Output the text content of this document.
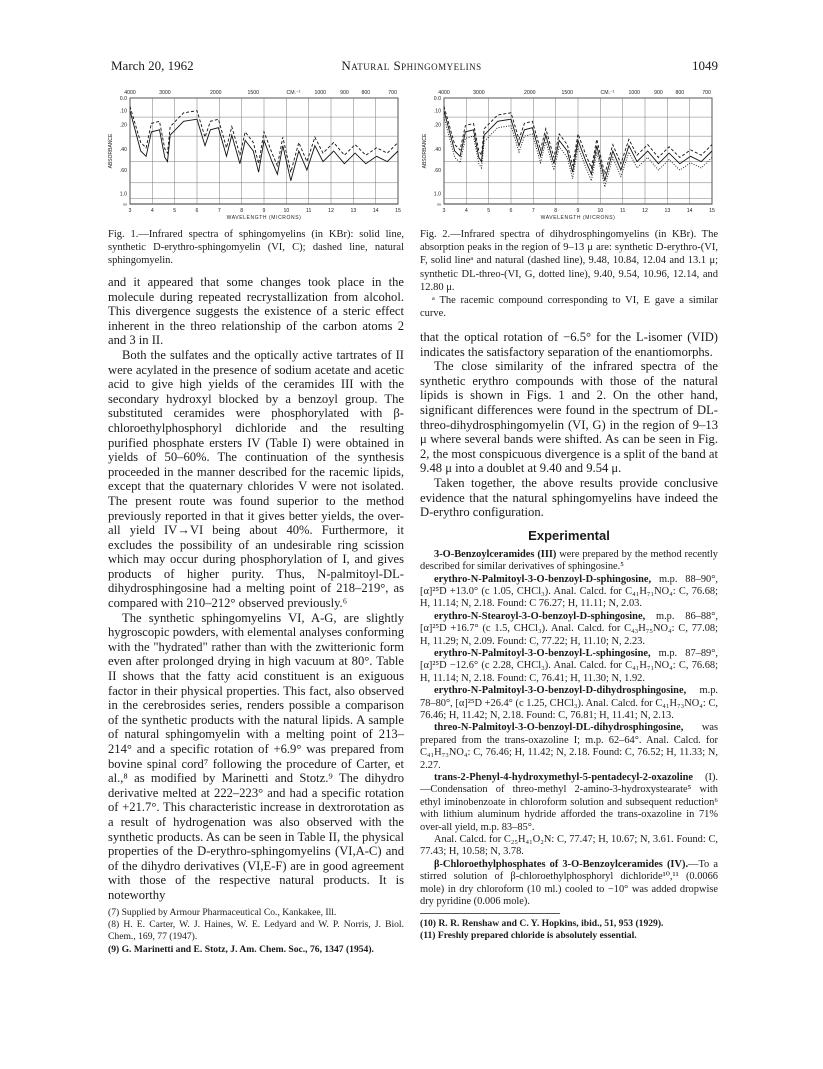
March 20, 1962	Natural Sphingomyelins	1049
4000	3000	2000	1500	CM.⁻¹	1000	900 800	700
0.0
.10
.20
.40
.60
1.0
∞
ABSORBANCE
3	4	5	6	7	8	9	10	11	12	13	14	15
WAVELENGTH (MICRONS)
Fig. 1.—Infrared spectra of sphingomyelins (in KBr): solid line, synthetic D-erythro-sphingomyelin (VI, C); dashed line, natural sphingomyelin.
4000	3000	2000	1500	CM.⁻¹	1000	900 800	700
0.0
.10
.20
.40
.60
1.0
∞
ABSORBANCE
3	4	5	6	7	8	9	10	11	12	13	14	15
WAVELENGTH (MICRONS)
Fig. 2.—Infrared spectra of dihydrosphingomyelins (in KBr). The absorption peaks in the region of 9–13 μ are: synthetic D-erythro-(VI, F, solid lineᵃ and natural (dashed line), 9.48, 10.84, 12.04 and 13.1 μ; synthetic DL-threo-(VI, G, dotted line), 9.40, 9.54, 10.96, 12.14, and 12.80 μ.
ᵃ The racemic compound corresponding to VI, E gave a similar curve.

and it appeared that some changes took place in the molecule during repeated recrystallization from alcohol. This divergence suggests the existence of a steric effect inherent in the threo relationship of the carbon atoms 2 and 3 in II.

Both the sulfates and the optically active tartrates of II were acylated in the presence of sodium acetate and acetic acid to give high yields of the ceramides III with the secondary hydroxyl blocked by a benzoyl group. The substituted ceramides were phosphorylated with β-chloroethylphosphoryl dichloride and the resulting purified phosphate ersters IV (Table I) were obtained in yields of 50–60%. The continuation of the synthesis proceeded in the manner described for the racemic lipids, except that the quaternary chlorides V were not isolated. The present route was found superior to the method previously reported in that it gives better yields, the over-all yield IV→VI being about 40%. Furthermore, it excludes the possibility of an undesirable ring scission which may occur during phosphorylation of I, and gives products of higher purity. Thus, N-palmitoyl-DL-dihydrosphingosine had a melting point of 218–219°, as compared with 210–212° observed previously.⁶

The synthetic sphingomyelins VI, A-G, are slightly hygroscopic powders, with elemental analyses conforming with the "hydrated" rather than with the zwitterionic form even after prolonged drying in high vacuum at 80°. Table II shows that the fatty acid constituent is an exiguous factor in their physical properties. This fact, also observed in the cerebrosides series, renders possible a comparison of the synthetic products with the natural lipids. A sample of natural sphingomyelin with a melting point of 213–214° and a specific rotation of +6.9° was prepared from bovine spinal cord⁷ following the procedure of Carter, et al.,⁸ as modified by Marinetti and Stotz.⁹ The dihydro derivative melted at 222–223° and had a specific rotation of +21.7°. This characteristic increase in dextrorotation as a result of hydrogenation was also observed with the synthetic products. As can be seen in Table II, the physical properties of the D-erythro-sphingomyelins (VI,A-C) and of the dihydro derivatives (VI,E-F) are in good agreement with those of the respective natural products. It is noteworthy

(7) Supplied by Armour Pharmaceutical Co., Kankakee, Ill.
(8) H. E. Carter, W. J. Haines, W. E. Ledyard and W. P. Norris, J. Biol. Chem., 169, 77 (1947).
(9) G. Marinetti and E. Stotz, J. Am. Chem. Soc., 76, 1347 (1954).

that the optical rotation of −6.5° for the L-isomer (VID) indicates the satisfactory separation of the enantiomorphs.

The close similarity of the infrared spectra of the synthetic erythro compounds with those of the natural lipids is shown in Figs. 1 and 2. On the other hand, significant differences were found in the spectrum of DL-threo-dihydrosphingomyelin (VI, G) in the region of 9–13 μ where several bands were shifted. As can be seen in Fig. 2, the most conspicuous divergence is a split of the band at 9.48 μ into a doublet at 9.40 and 9.54 μ.

Taken together, the above results provide conclusive evidence that the natural sphingomyelins have indeed the D-erythro configuration.

Experimental

3-O-Benzoylceramides (III) were prepared by the method recently described for similar derivatives of sphingosine.⁵

erythro-N-Palmitoyl-3-O-benzoyl-D-sphingosine, m.p. 88–90°, [α]²⁵D +13.0° (c 1.05, CHCl₃). Anal. Calcd. for C₄₁H₇₁NO₄: C, 76.68; H, 11.14; N, 2.18. Found: C 76.27; H, 11.11; N, 2.03.

erythro-N-Stearoyl-3-O-benzoyl-D-sphingosine, m.p. 86–88°, [α]²⁵D +16.7° (c 1.5, CHCl₃). Anal. Calcd. for C₄₃H₇₅NO₄: C, 77.08; H, 11.29; N, 2.09. Found: C, 77.22; H, 11.10; N, 2.23.

erythro-N-Palmitoyl-3-O-benzoyl-L-sphingosine, m.p. 87–89°, [α]²⁵D −12.6° (c 2.28, CHCl₃). Anal. Calcd. for C₄₁H₇₁NO₄: C, 76.68; H, 11.14; N, 2.18. Found: C, 76.41; H, 11.30; N, 1.92.

erythro-N-Palmitoyl-3-O-benzoyl-D-dihydrosphingosine, m.p. 78–80°, [α]²⁵D +26.4° (c 1.25, CHCl₃). Anal. Calcd. for C₄₁H₇₃NO₄: C, 76.46; H, 11.42; N, 2.18. Found: C, 76.81; H, 11.41; N, 2.13.

threo-N-Palmitoyl-3-O-benzoyl-DL-dihydrosphingosine, was prepared from the trans-oxazoline I; m.p. 62–64°. Anal. Calcd. for C₄₁H₇₃NO₄: C, 76.46; H, 11.42; N, 2.18. Found: C, 76.52; H, 11.33; N, 2.27.

trans-2-Phenyl-4-hydroxymethyl-5-pentadecyl-2-oxazoline (I).—Condensation of threo-methyl 2-amino-3-hydroxystearate⁵ with ethyl iminobenzoate in chloroform solution and subsequent reduction⁶ with lithium aluminum hydride afforded the trans-oxazoline in 71% over-all yield, m.p. 83–85°.

Anal. Calcd. for C₂₅H₄₁O₂N: C, 77.47; H, 10.67; N, 3.61. Found: C, 77.43; H, 10.58; N, 3.78.

β-Chloroethylphosphates of 3-O-Benzoylceramides (IV).—To a stirred solution of β-chloroethylphosphoryl dichloride¹⁰,¹¹ (0.0066 mole) in dry chloroform (10 ml.) cooled to −10° was added dropwise dry pyridine (0.006 mole).

(10) R. R. Renshaw and C. Y. Hopkins, ibid., 51, 953 (1929).
(11) Freshly prepared chloride is absolutely essential.
